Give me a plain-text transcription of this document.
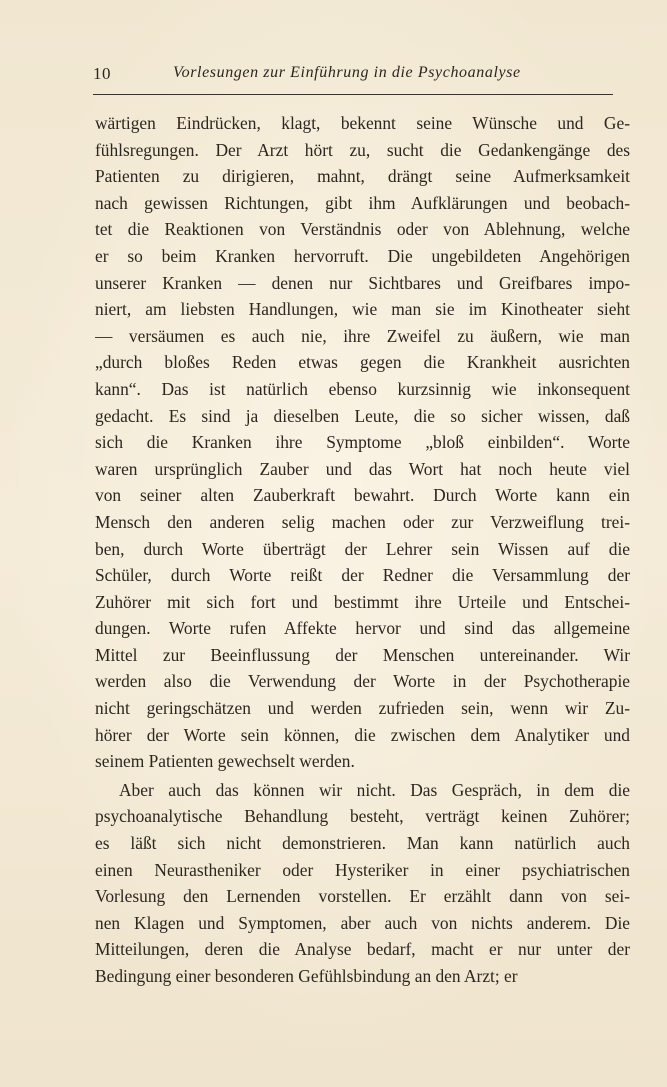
10	Vorlesungen zur Einführung in die Psychoanalyse
wärtigen Eindrücken, klagt, bekennt seine Wünsche und Ge-
fühlsregungen. Der Arzt hört zu, sucht die Gedankengänge des
Patienten zu dirigieren, mahnt, drängt seine Aufmerksamkeit
nach gewissen Richtungen, gibt ihm Aufklärungen und beobach-
tet die Reaktionen von Verständnis oder von Ablehnung, welche
er so beim Kranken hervorruft. Die ungebildeten Angehörigen
unserer Kranken — denen nur Sichtbares und Greifbares impo-
niert, am liebsten Handlungen, wie man sie im Kinotheater sieht
— versäumen es auch nie, ihre Zweifel zu äußern, wie man
„durch bloßes Reden etwas gegen die Krankheit ausrichten
kann“. Das ist natürlich ebenso kurzsinnig wie inkonsequent
gedacht. Es sind ja dieselben Leute, die so sicher wissen, daß
sich die Kranken ihre Symptome „bloß einbilden“. Worte
waren ursprünglich Zauber und das Wort hat noch heute viel
von seiner alten Zauberkraft bewahrt. Durch Worte kann ein
Mensch den anderen selig machen oder zur Verzweiflung trei-
ben, durch Worte überträgt der Lehrer sein Wissen auf die
Schüler, durch Worte reißt der Redner die Versammlung der
Zuhörer mit sich fort und bestimmt ihre Urteile und Entschei-
dungen. Worte rufen Affekte hervor und sind das allgemeine
Mittel zur Beeinflussung der Menschen untereinander. Wir
werden also die Verwendung der Worte in der Psychotherapie
nicht geringschätzen und werden zufrieden sein, wenn wir Zu-
hörer der Worte sein können, die zwischen dem Analytiker und
seinem Patienten gewechselt werden.
Aber auch das können wir nicht. Das Gespräch, in dem die
psychoanalytische Behandlung besteht, verträgt keinen Zuhörer;
es läßt sich nicht demonstrieren. Man kann natürlich auch
einen Neurastheniker oder Hysteriker in einer psychiatrischen
Vorlesung den Lernenden vorstellen. Er erzählt dann von sei-
nen Klagen und Symptomen, aber auch von nichts anderem. Die
Mitteilungen, deren die Analyse bedarf, macht er nur unter der
Bedingung einer besonderen Gefühlsbindung an den Arzt; er
